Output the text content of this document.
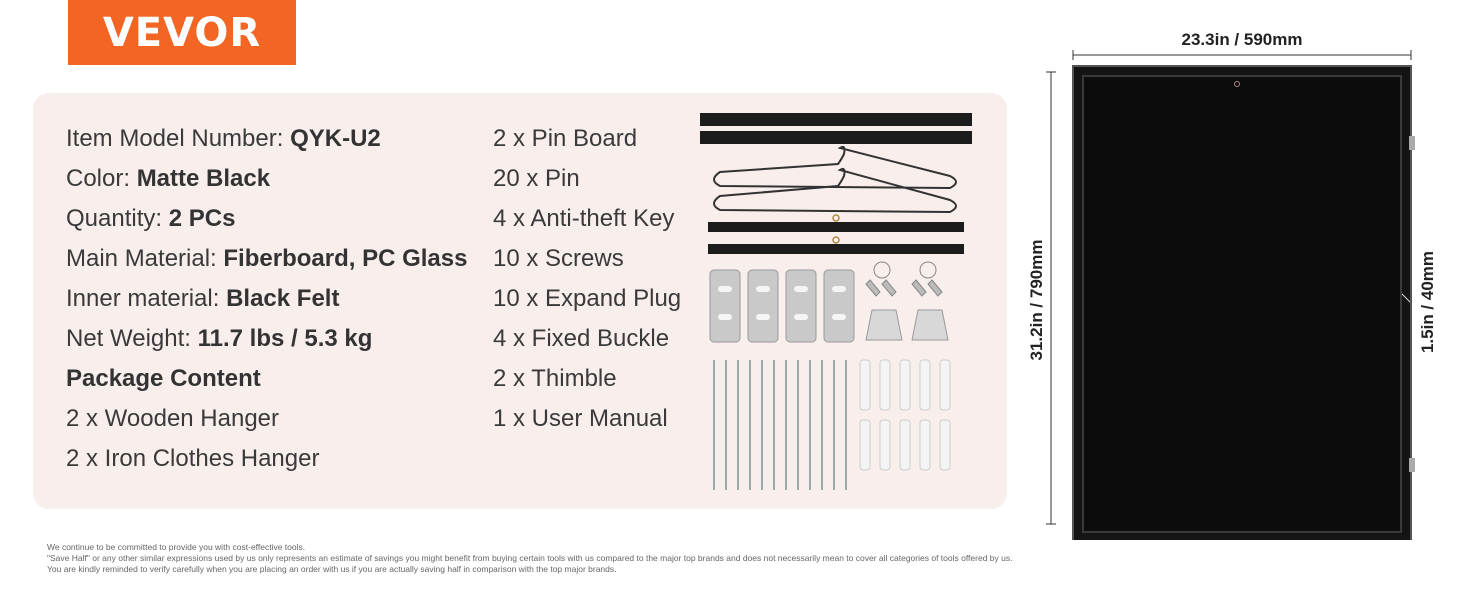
VEVOR
Item Model Number: QYK-U2
Color: Matte Black
Quantity: 2 PCs
Main Material: Fiberboard, PC Glass
Inner material: Black Felt
Net Weight: 11.7 lbs / 5.3 kg
Package Content
2 x Wooden Hanger
2 x Iron Clothes Hanger
2 x Pin Board
20 x Pin
4 x Anti-theft Key
10 x Screws
10 x Expand Plug
4 x Fixed Buckle
2 x Thimble
1 x User Manual
23.3in / 590mm
31.2in / 790mm	1.5in / 40mm
We continue to be committed to provide you with cost-effective tools.
"Save Half" or any other similar expressions used by us only represents an estimate of savings you might benefit from buying certain tools with us compared to the major top brands and does not necessarily mean to cover all categories of tools offered by us.
You are kindly reminded to verify carefully when you are placing an order with us if you are actually saving half in comparison with the top major brands.
